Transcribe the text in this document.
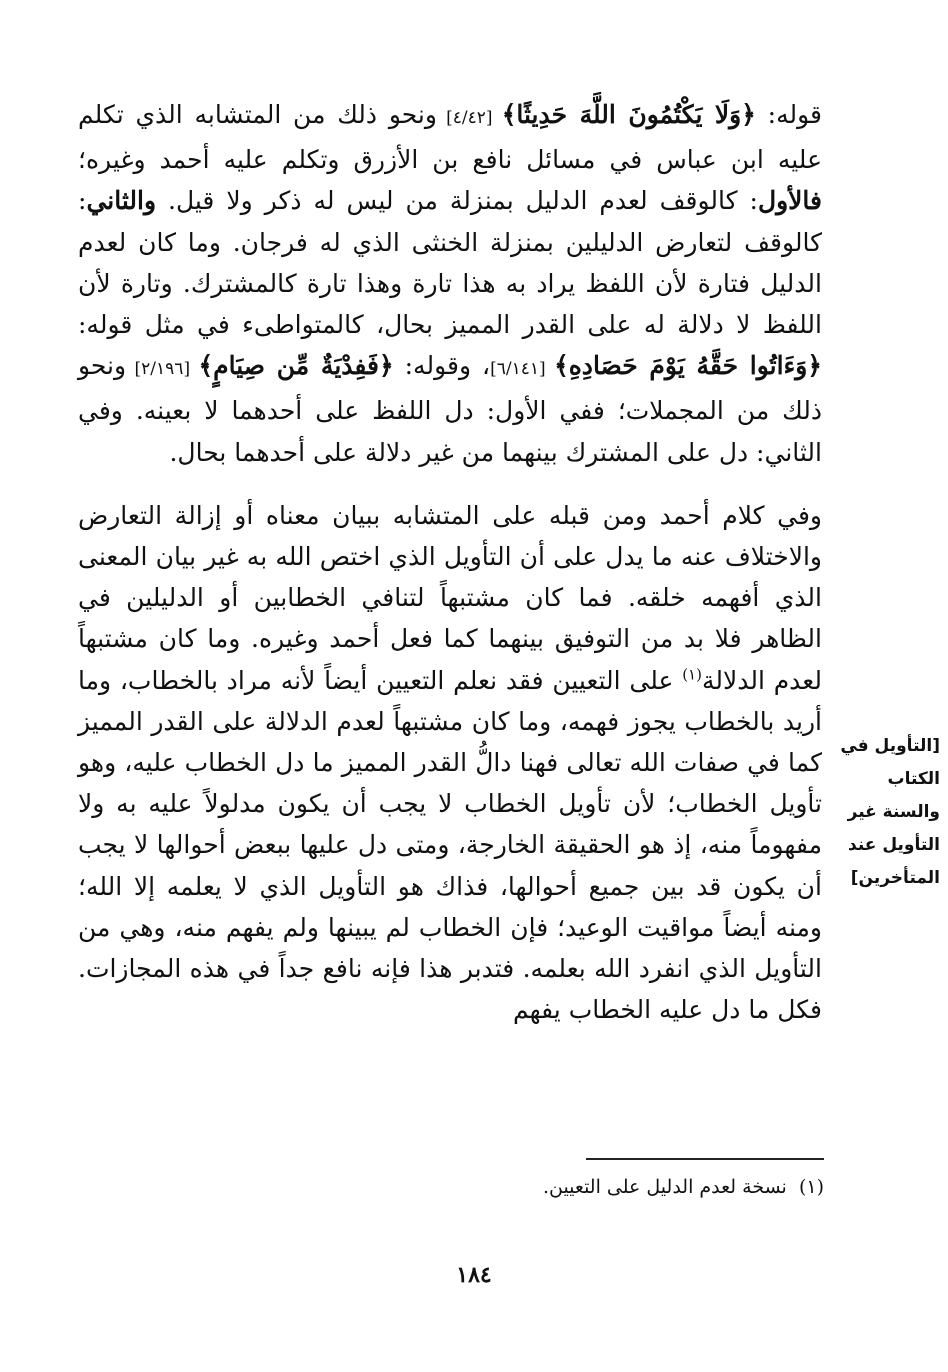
قوله: ﴿وَلَا يَكْتُمُونَ اللَّهَ حَدِيثًا﴾ [٤/٤٢] ونحو ذلك من المتشابه الذي تكلم عليه ابن عباس في مسائل نافع بن الأزرق وتكلم عليه أحمد وغيره؛ فالأول: كالوقف لعدم الدليل بمنزلة من ليس له ذكر ولا قيل. والثاني: كالوقف لتعارض الدليلين بمنزلة الخنثى الذي له فرجان. وما كان لعدم الدليل فتارة لأن اللفظ يراد به هذا تارة وهذا تارة كالمشترك. وتارة لأن اللفظ لا دلالة له على القدر المميز بحال، كالمتواطىء في مثل قوله: ﴿وَءَاتُوا حَقَّهُ يَوْمَ حَصَادِهِ﴾ [٦/١٤١]، وقوله: ﴿فَفِدْيَةٌ مِّن صِيَامٍ﴾ [٢/١٩٦] ونحو ذلك من المجملات؛ ففي الأول: دل اللفظ على أحدهما لا بعينه. وفي الثاني: دل على المشترك بينهما من غير دلالة على أحدهما بحال.

وفي كلام أحمد ومن قبله على المتشابه ببيان معناه أو إزالة التعارض والاختلاف عنه ما يدل على أن التأويل الذي اختص الله به غير بيان المعنى الذي أفهمه خلقه. فما كان مشتبهاً لتنافي الخطابين أو الدليلين في الظاهر فلا بد من التوفيق بينهما كما فعل أحمد وغيره. وما كان مشتبهاً لعدم الدلالة$^{(١)}$ على التعيين فقد نعلم التعيين أيضاً لأنه مراد بالخطاب، وما أريد بالخطاب يجوز فهمه، وما كان مشتبهاً لعدم الدلالة على القدر المميز كما في صفات الله تعالى فهنا دالُّ القدر المميز ما دل الخطاب عليه، وهو تأويل الخطاب؛ لأن تأويل الخطاب لا يجب أن يكون مدلولاً عليه به ولا مفهوماً منه، إذ هو الحقيقة الخارجة، ومتى دل عليها ببعض أحوالها لا يجب أن يكون قد بين جميع أحوالها، فذاك هو التأويل الذي لا يعلمه إلا الله؛ ومنه أيضاً مواقيت الوعيد؛ فإن الخطاب لم يبينها ولم يفهم منه، وهي من التأويل الذي انفرد الله بعلمه. فتدبر هذا فإنه نافع جداً في هذه المجازات. فكل ما دل عليه الخطاب يفهم

[التأويل في
الكتاب
والسنة غير
التأويل عند
المتأخرين]
(١)  نسخة لعدم الدليل على التعيين.
١٨٤
